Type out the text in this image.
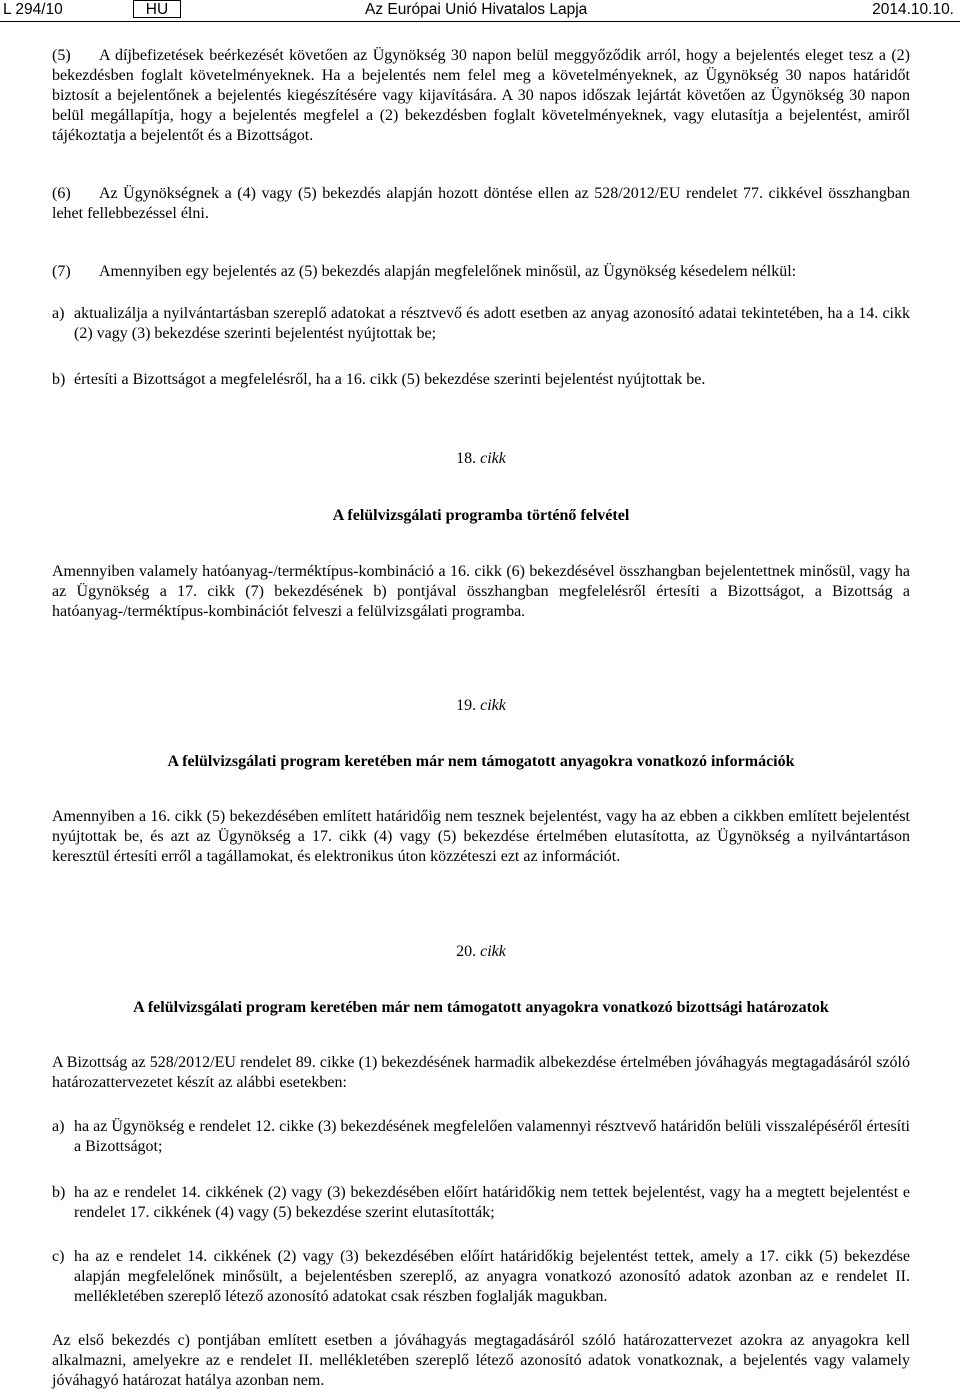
L 294/10	HU	Az Európai Unió Hivatalos Lapja	2014.10.10.

(5) A díjbefizetések beérkezését követően az Ügynökség 30 napon belül meggyőződik arról, hogy a bejelentés eleget tesz a (2) bekezdésben foglalt követelményeknek. Ha a bejelentés nem felel meg a követelményeknek, az Ügynökség 30 napos határidőt biztosít a bejelentőnek a bejelentés kiegészítésére vagy kijavítására. A 30 napos időszak lejártát követően az Ügynökség 30 napon belül megállapítja, hogy a bejelentés megfelel a (2) bekezdésben foglalt követelményeknek, vagy elutasítja a bejelentést, amiről tájékoztatja a bejelentőt és a Bizottságot.

(6) Az Ügynökségnek a (4) vagy (5) bekezdés alapján hozott döntése ellen az 528/2012/EU rendelet 77. cikkével összhangban lehet fellebbezéssel élni.

(7) Amennyiben egy bejelentés az (5) bekezdés alapján megfelelőnek minősül, az Ügynökség késedelem nélkül:

a) aktualizálja a nyilvántartásban szereplő adatokat a résztvevő és adott esetben az anyag azonosító adatai tekintetében, ha a 14. cikk (2) vagy (3) bekezdése szerinti bejelentést nyújtottak be;
b) értesíti a Bizottságot a megfelelésről, ha a 16. cikk (5) bekezdése szerinti bejelentést nyújtottak be.
18. cikk
A felülvizsgálati programba történő felvétel

Amennyiben valamely hatóanyag-/terméktípus-kombináció a 16. cikk (6) bekezdésével összhangban bejelentettnek minősül, vagy ha az Ügynökség a 17. cikk (7) bekezdésének b) pontjával összhangban megfelelésről értesíti a Bizottságot, a Bizottság a hatóanyag-/terméktípus-kombinációt felveszi a felülvizsgálati programba.

19. cikk
A felülvizsgálati program keretében már nem támogatott anyagokra vonatkozó információk

Amennyiben a 16. cikk (5) bekezdésében említett határidőig nem tesznek bejelentést, vagy ha az ebben a cikkben említett bejelentést nyújtottak be, és azt az Ügynökség a 17. cikk (4) vagy (5) bekezdése értelmében elutasította, az Ügynökség a nyilvántartáson keresztül értesíti erről a tagállamokat, és elektronikus úton közzéteszi ezt az információt.

20. cikk
A felülvizsgálati program keretében már nem támogatott anyagokra vonatkozó bizottsági határozatok

A Bizottság az 528/2012/EU rendelet 89. cikke (1) bekezdésének harmadik albekezdése értelmében jóváhagyás megtagadásáról szóló határozattervezetet készít az alábbi esetekben:

a) ha az Ügynökség e rendelet 12. cikke (3) bekezdésének megfelelően valamennyi résztvevő határidőn belüli visszalépéséről értesíti a Bizottságot;
b) ha az e rendelet 14. cikkének (2) vagy (3) bekezdésében előírt határidőkig nem tettek bejelentést, vagy ha a megtett bejelentést e rendelet 17. cikkének (4) vagy (5) bekezdése szerint elutasították;
c) ha az e rendelet 14. cikkének (2) vagy (3) bekezdésében előírt határidőkig bejelentést tettek, amely a 17. cikk (5) bekezdése alapján megfelelőnek minősült, a bejelentésben szereplő, az anyagra vonatkozó azonosító adatok azonban az e rendelet II. mellékletében szereplő létező azonosító adatokat csak részben foglalják magukban.

Az első bekezdés c) pontjában említett esetben a jóváhagyás megtagadásáról szóló határozattervezet azokra az anyagokra kell alkalmazni, amelyekre az e rendelet II. mellékletében szereplő létező azonosító adatok vonatkoznak, a bejelentés vagy valamely jóváhagyó határozat hatálya azonban nem.
